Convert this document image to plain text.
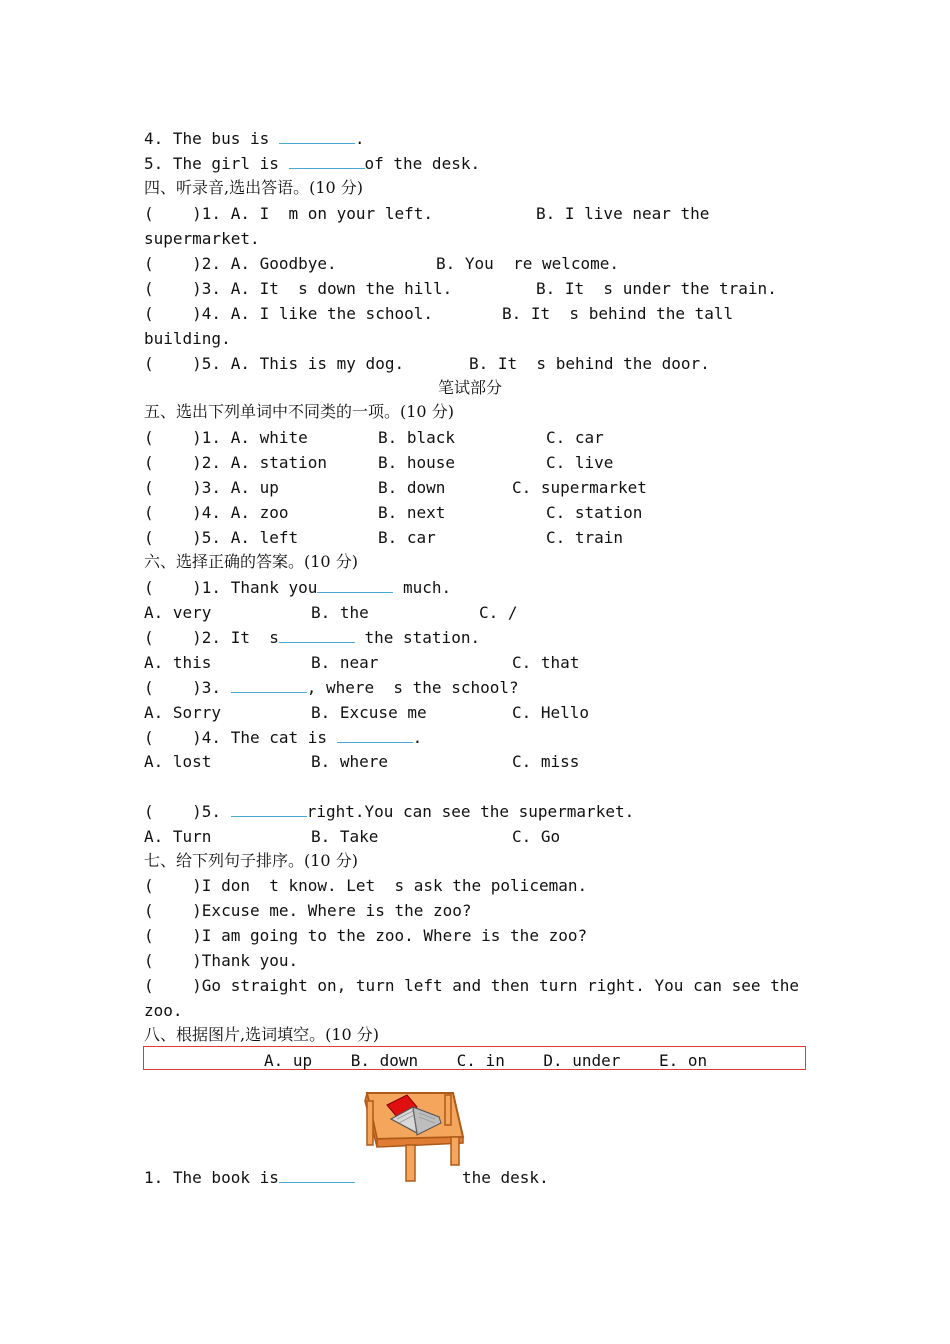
4. The bus is	.
5. The girl is	of the desk.
四、听录音,选出答语。(10 分)
(    )1. A. I  m on your left.	B. I live near the
supermarket.
(    )2. A. Goodbye.	B. You  re welcome.
(    )3. A. It  s down the hill.	B. It  s under the train.
(    )4. A. I like the school.	B. It  s behind the tall
building.
(    )5. A. This is my dog.	B. It  s behind the door.
笔试部分
五、选出下列单词中不同类的一项。(10 分)
(    )1. A. white	B. black	C. car
(    )2. A. station	B. house	C. live
(    )3. A. up	B. down	C. supermarket
(    )4. A. zoo	B. next	C. station
(    )5. A. left	B. car	C. train
六、选择正确的答案。(10 分)
(    )1. Thank you	much.
A. very	B. the	C. /
(    )2. It  s	the station.
A. this	B. near	C. that
(    )3.	, where  s the school?
A. Sorry	B. Excuse me	C. Hello
(    )4. The cat is	.
A. lost	B. where	C. miss
(    )5.	right.You can see the supermarket.
A. Turn	B. Take	C. Go
七、给下列句子排序。(10 分)
(    )I don  t know. Let  s ask the policeman.
(    )Excuse me. Where is the zoo?
(    )I am going to the zoo. Where is the zoo?
(    )Thank you.
(    )Go straight on, turn left and then turn right. You can see the
zoo.
八、根据图片,选词填空。(10 分)
A. up    B. down    C. in    D. under    E. on
1. The book is	the desk.
